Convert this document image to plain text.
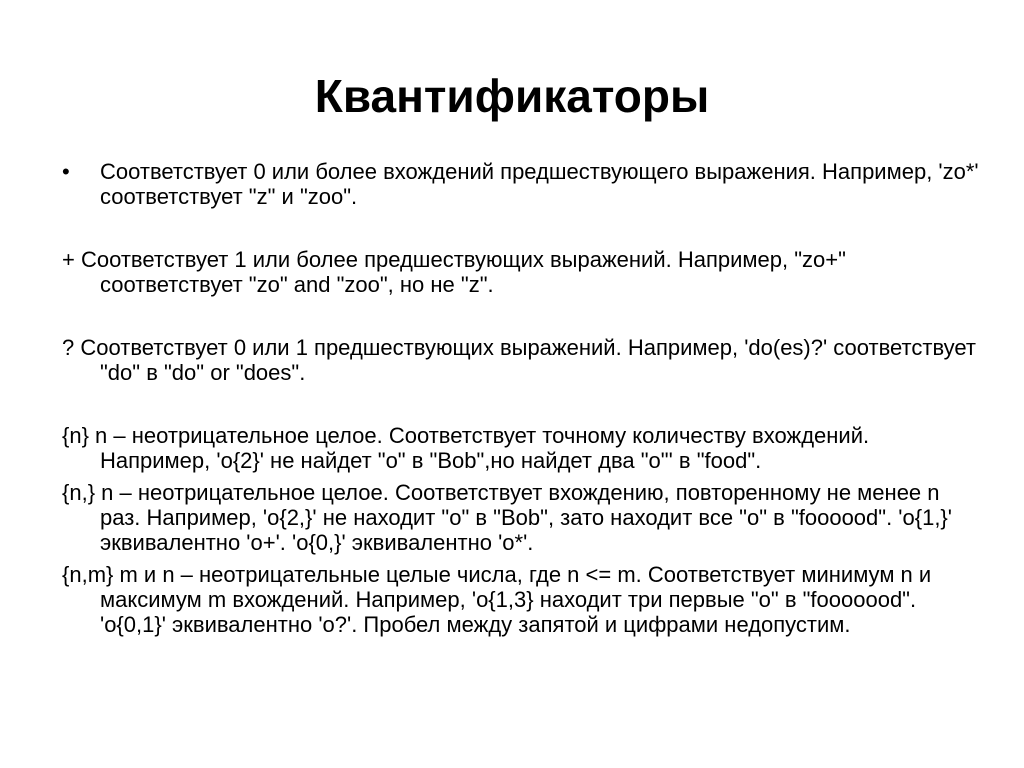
Квантификаторы
• Соответствует 0 или более вхождений предшествующего выражения. Например, 'zo*' соответствует "z" и "zoo".
+ Соответствует 1 или более предшествующих выражений. Например, "zo+" соответствует "zo" and "zoo", но не "z".
? Соответствует 0 или 1 предшествующих выражений. Например, 'do(es)?' соответствует "do" в "do" or "does".
{n} n – неотрицательное целое. Соответствует точному количеству вхождений. Например, 'o{2}' не найдет "o" в "Bob",но найдет два "o"' в "food".
{n,} n – неотрицательное целое. Соответствует вхождению, повторенному не менее n раз. Например, 'o{2,}' не находит "o" в "Bob", зато находит все "o" в "foooood". 'o{1,}' эквивалентно 'o+'. 'o{0,}' эквивалентно 'o*'.
{n,m} m и n – неотрицательные целые числа, где n <= m. Соответствует минимум n и максимум m вхождений. Например, 'o{1,3} находит три первые "o" в "fooooood". 'o{0,1}' эквивалентно 'o?'. Пробел между запятой и цифрами недопустим.
